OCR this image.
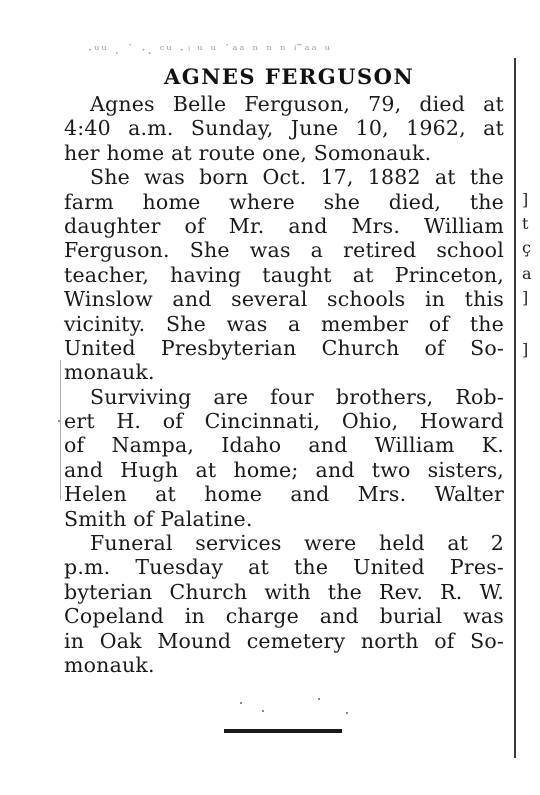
·ᵘᵘ . ˙ ·. ᶜᵘ · ͥ ᵘ ᵘ ˙ᵃᵃ ⁿ ⁿ ⁿ ⁱ ̃ᵃᵃ ᵘ
AGNES FERGUSON
Agnes Belle Ferguson, 79, died at
4:40 a.m. Sunday, June 10, 1962, at
her home at route one, Somonauk.
She was born Oct. 17, 1882 at the
farm home where she died, the
daughter of Mr. and Mrs. William
Ferguson. She was a retired school
teacher, having taught at Princeton,
Winslow and several schools in this
vicinity. She was a member of the
United Presbyterian Church of So-
monauk.
Surviving are four brothers, Rob-
ert H. of Cincinnati, Ohio, Howard
of Nampa, Idaho and William K.
and Hugh at home; and two sisters,
Helen at home and Mrs. Walter
Smith of Palatine.
Funeral services were held at 2
p.m. Tuesday at the United Pres-
byterian Church with the Rev. R. W.
Copeland in charge and burial was
in Oak Mound cemetery north of So-
monauk.
]
t
ç
a
]
]
